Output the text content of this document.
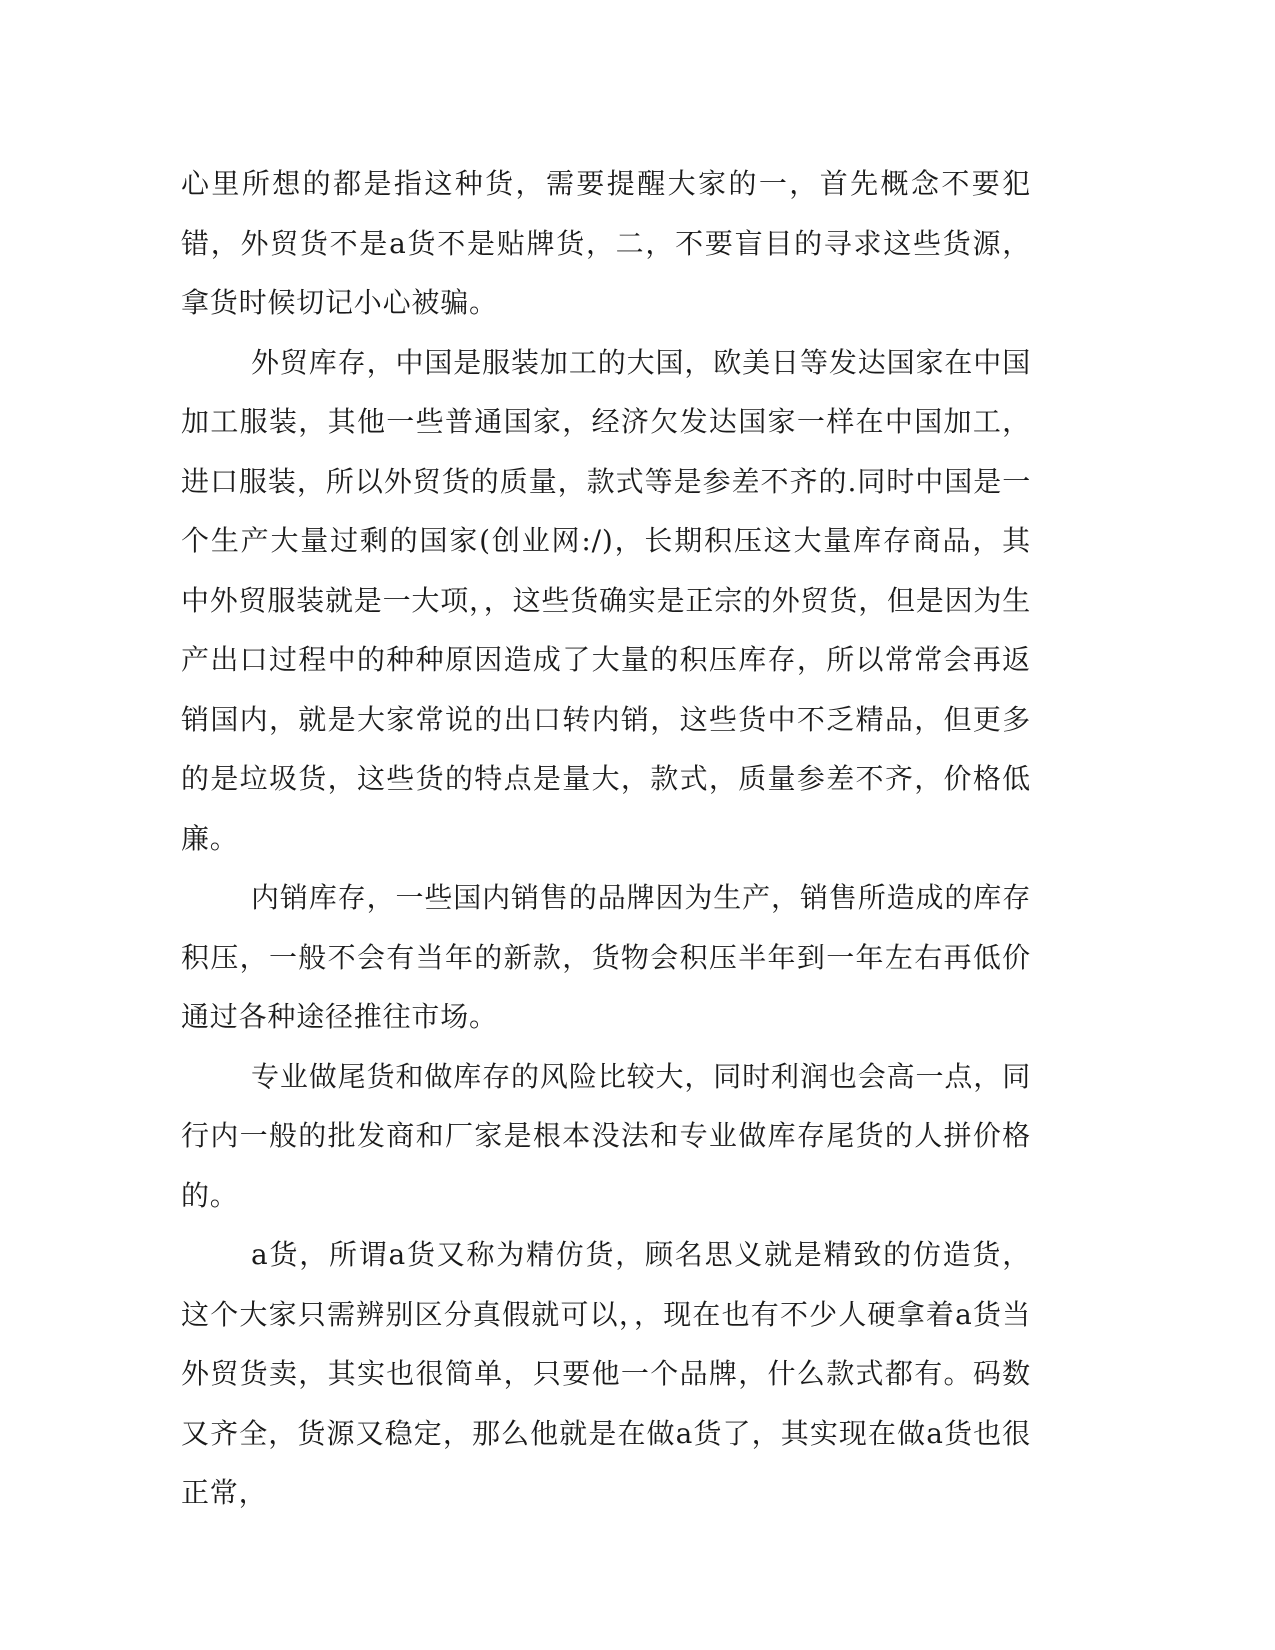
心里所想的都是指这种货，需要提醒大家的一，首先概念不要犯错，外贸货不是a货不是贴牌货，二，不要盲目的寻求这些货源，拿货时候切记小心被骗。

外贸库存，中国是服装加工的大国，欧美日等发达国家在中国加工服装，其他一些普通国家，经济欠发达国家一样在中国加工，进口服装，所以外贸货的质量，款式等是参差不齐的.同时中国是一个生产大量过剩的国家(创业网:/)，长期积压这大量库存商品，其中外贸服装就是一大项，，这些货确实是正宗的外贸货，但是因为生产出口过程中的种种原因造成了大量的积压库存，所以常常会再返销国内，就是大家常说的出口转内销，这些货中不乏精品，但更多的是垃圾货，这些货的特点是量大，款式，质量参差不齐，价格低廉。

内销库存，一些国内销售的品牌因为生产，销售所造成的库存积压，一般不会有当年的新款，货物会积压半年到一年左右再低价通过各种途径推往市场。

专业做尾货和做库存的风险比较大，同时利润也会高一点，同行内一般的批发商和厂家是根本没法和专业做库存尾货的人拼价格的。

a货，所谓a货又称为精仿货，顾名思义就是精致的仿造货，这个大家只需辨别区分真假就可以，，现在也有不少人硬拿着a货当外贸货卖，其实也很简单，只要他一个品牌，什么款式都有。码数又齐全，货源又稳定，那么他就是在做a货了，其实现在做a货也很正常，
